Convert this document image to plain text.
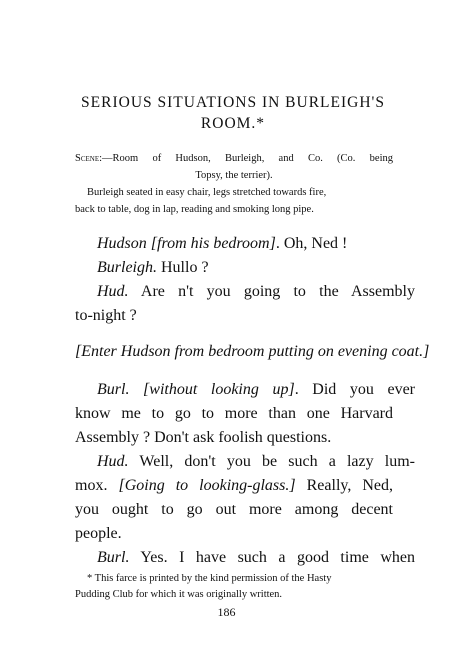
SERIOUS SITUATIONS IN BURLEIGH'S
ROOM.*
Scene:—Room of Hudson, Burleigh, and Co. (Co. being
Topsy, the terrier).
Burleigh seated in easy chair, legs stretched towards fire,
back to table, dog in lap, reading and smoking long pipe.
Hudson [from his bedroom]. Oh, Ned !
Burleigh. Hullo ?
Hud. Are n't you going to the Assembly
to-night ?
[Enter Hudson from bedroom putting on evening coat.]
Burl. [without looking up]. Did you ever
know me to go to more than one Harvard
Assembly ? Don't ask foolish questions.
Hud. Well, don't you be such a lazy lum-
mox. [Going to looking-glass.] Really, Ned,
you ought to go out more among decent
people.
Burl. Yes. I have such a good time when
* This farce is printed by the kind permission of the Hasty
Pudding Club for which it was originally written.
186
